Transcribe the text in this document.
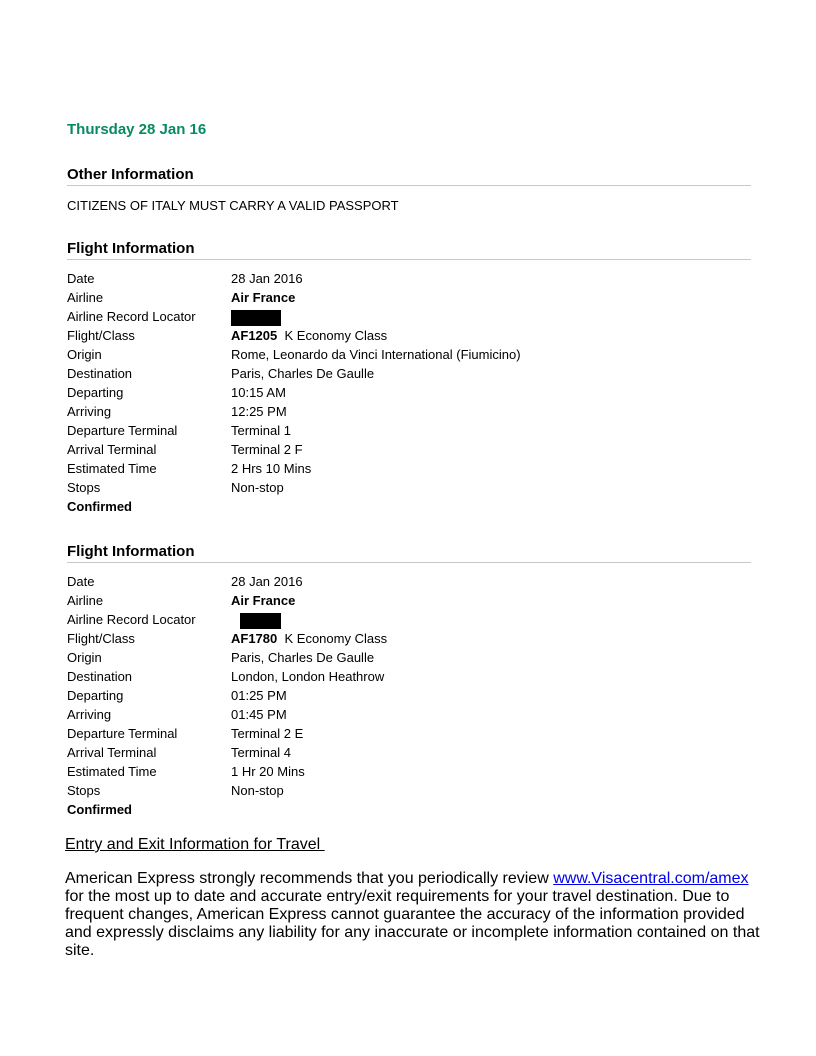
Thursday 28 Jan 16
Other Information
CITIZENS OF ITALY MUST CARRY A VALID PASSPORT
Flight Information
Date	28 Jan 2016
Airline	Air France
Airline Record Locator
Flight/Class	AF1205 K Economy Class
Origin	Rome, Leonardo da Vinci International (Fiumicino)
Destination	Paris, Charles De Gaulle
Departing	10:15 AM
Arriving	12:25 PM
Departure Terminal	Terminal 1
Arrival Terminal	Terminal 2 F
Estimated Time	2 Hrs 10 Mins
Stops	Non-stop
Confirmed
Flight Information
Date	28 Jan 2016
Airline	Air France
Airline Record Locator
Flight/Class	AF1780 K Economy Class
Origin	Paris, Charles De Gaulle
Destination	London, London Heathrow
Departing	01:25 PM
Arriving	01:45 PM
Departure Terminal	Terminal 2 E
Arrival Terminal	Terminal 4
Estimated Time	1 Hr 20 Mins
Stops	Non-stop
Confirmed
Entry and Exit Information for Travel
American Express strongly recommends that you periodically review www.Visacentral.com/amex for the most up to date and accurate entry/exit requirements for your travel destination. Due to frequent changes, American Express cannot guarantee the accuracy of the information provided and expressly disclaims any liability for any inaccurate or incomplete information contained on that site.
